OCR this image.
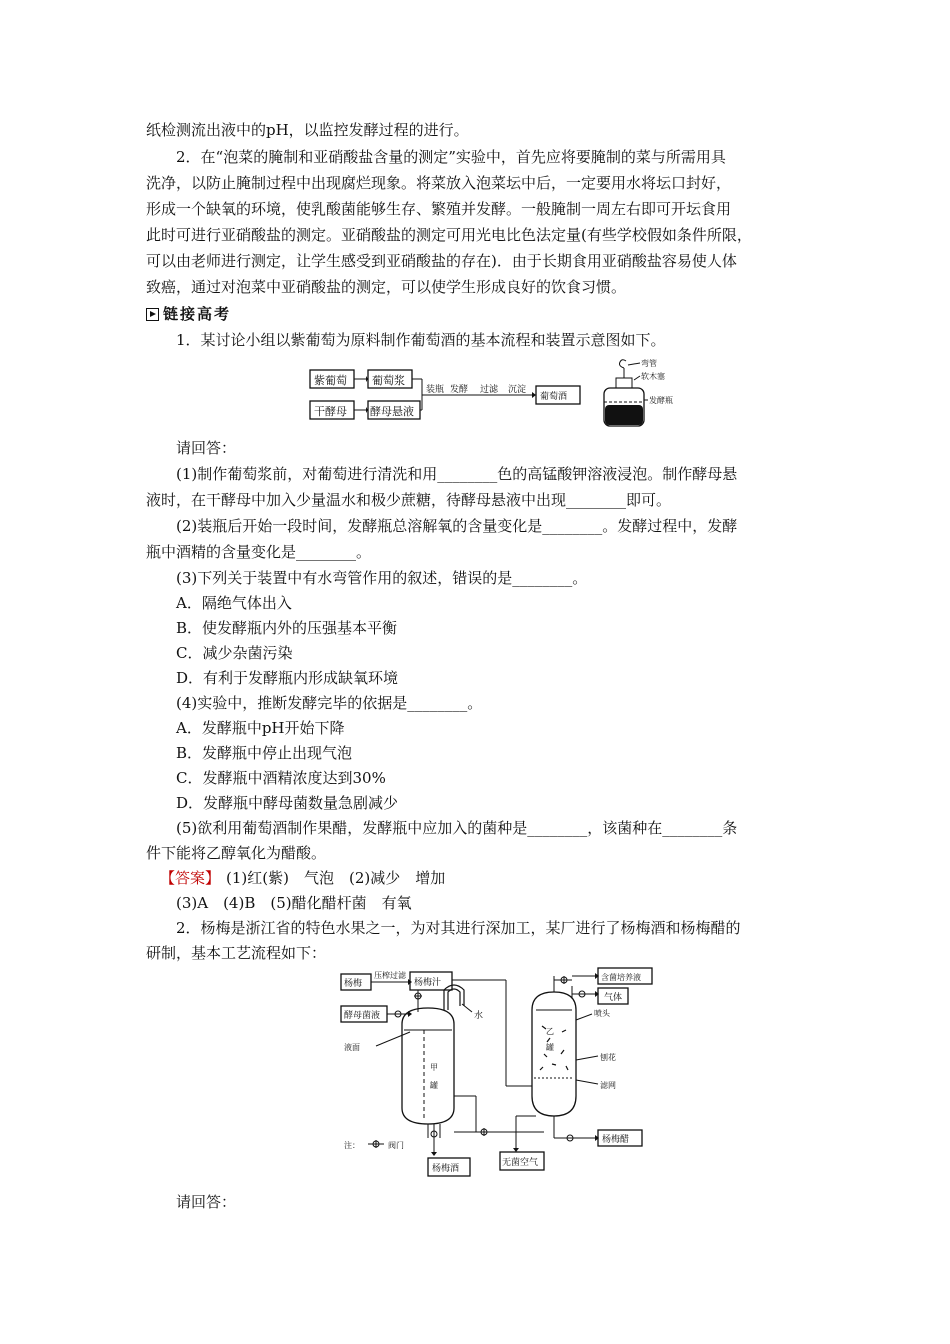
纸检测流出液中的pH，以监控发酵过程的进行。
2．在“泡菜的腌制和亚硝酸盐含量的测定”实验中，首先应将要腌制的菜与所需用具
洗净，以防止腌制过程中出现腐烂现象。将菜放入泡菜坛中后，一定要用水将坛口封好，
形成一个缺氧的环境，使乳酸菌能够生存、繁殖并发酵。一般腌制一周左右即可开坛食用
此时可进行亚硝酸盐的测定。亚硝酸盐的测定可用光电比色法定量(有些学校假如条件所限，
可以由老师进行测定，让学生感受到亚硝酸盐的存在)．由于长期食用亚硝酸盐容易使人体
致癌，通过对泡菜中亚硝酸盐的测定，可以使学生形成良好的饮食习惯。
链接高考
1．某讨论小组以紫葡萄为原料制作葡萄酒的基本流程和装置示意图如下。
紫葡萄 葡萄浆
干酵母 酵母悬液
装瓶 发酵 过滤 沉淀
葡萄酒
弯管
软木塞
发酵瓶
请回答：
(1)制作葡萄浆前，对葡萄进行清洗和用________色的高锰酸钾溶液浸泡。制作酵母悬
液时，在干酵母中加入少量温水和极少蔗糖，待酵母悬液中出现________即可。
(2)装瓶后开始一段时间，发酵瓶总溶解氧的含量变化是________。发酵过程中，发酵
瓶中酒精的含量变化是________。
(3)下列关于装置中有水弯管作用的叙述，错误的是________。
A．隔绝气体出入
B．使发酵瓶内外的压强基本平衡
C．减少杂菌污染
D．有利于发酵瓶内形成缺氧环境
(4)实验中，推断发酵完毕的依据是________。
A．发酵瓶中pH开始下降
B．发酵瓶中停止出现气泡
C．发酵瓶中酒精浓度达到30%
D．发酵瓶中酵母菌数量急剧减少
(5)欲利用葡萄酒制作果醋，发酵瓶中应加入的菌种是________，该菌种在________条
件下能将乙醇氧化为醋酸。
【答案】 (1)红(紫)　气泡　(2)减少　增加
(3)A　(4)B　(5)醋化醋杆菌　有氧
2．杨梅是浙江省的特色水果之一，为对其进行深加工，某厂进行了杨梅酒和杨梅醋的
研制，基本工艺流程如下：
杨梅
压榨过滤
杨梅汁
酵母菌液
液面
甲
罐
水
含菌培养液
气体
喷头
乙
罐
刨花
滤网
杨梅醋
注：	阀门
杨梅酒
无菌空气
请回答：
